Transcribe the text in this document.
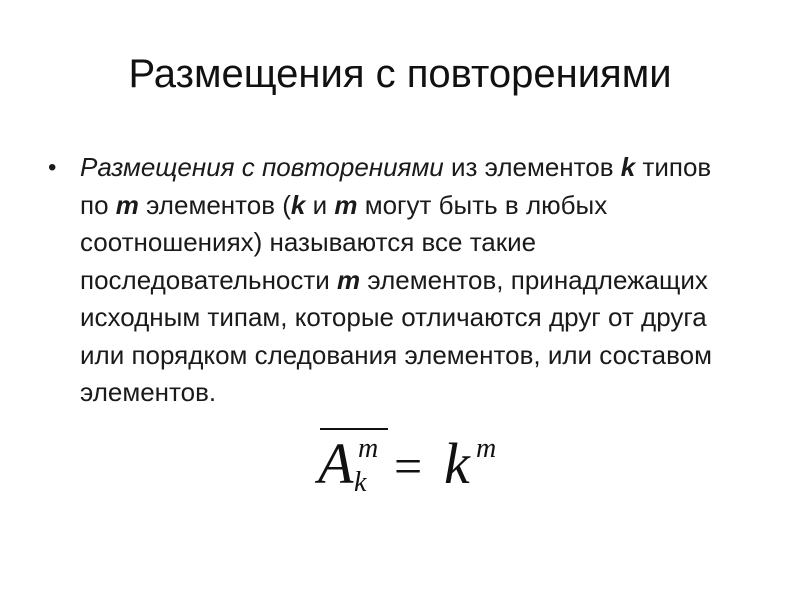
Размещения с повторениями
• Размещения с повторениями из элементов k типов по m элементов (k и m могут быть в любых соотношениях) называются все такие последовательности m элементов, принадлежащих исходным типам, которые отличаются друг от друга или порядком следования элементов, или составом элементов.
A m
k = k m
